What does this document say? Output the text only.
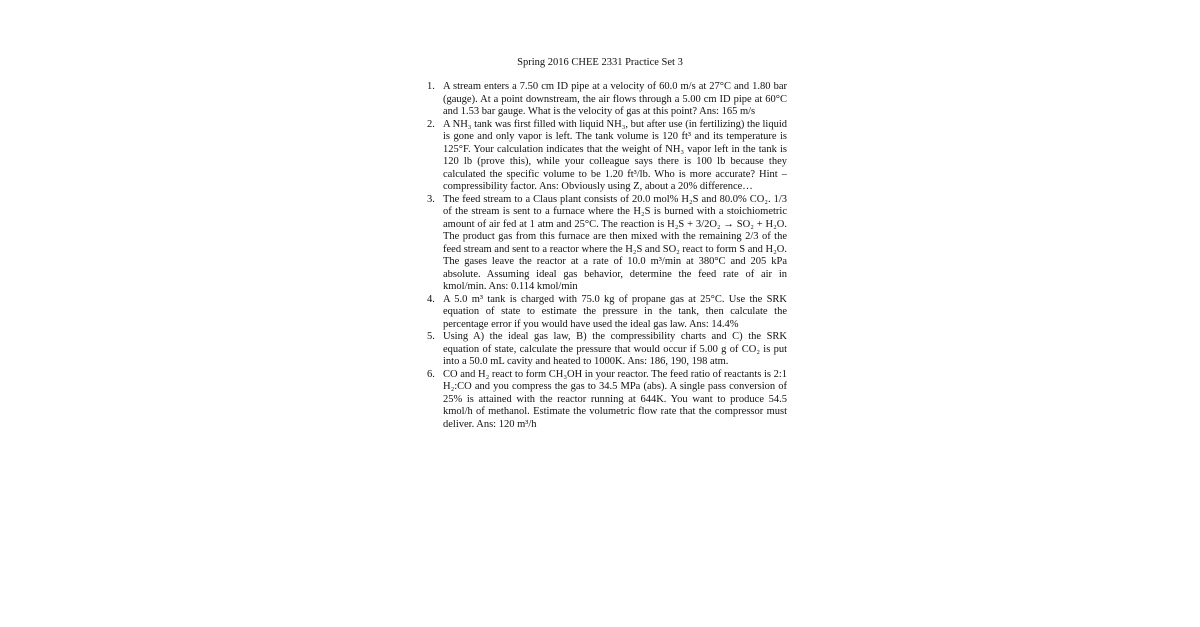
Spring 2016 CHEE 2331 Practice Set 3
1. A stream enters a 7.50 cm ID pipe at a velocity of 60.0 m/s at 27°C and 1.80 bar (gauge). At a point downstream, the air flows through a 5.00 cm ID pipe at 60°C and 1.53 bar gauge. What is the velocity of gas at this point? Ans: 165 m/s
2. A NH₃ tank was first filled with liquid NH₃, but after use (in fertilizing) the liquid is gone and only vapor is left. The tank volume is 120 ft³ and its temperature is 125°F. Your calculation indicates that the weight of NH₃ vapor left in the tank is 120 lb (prove this), while your colleague says there is 100 lb because they calculated the specific volume to be 1.20 ft³/lb. Who is more accurate? Hint – compressibility factor. Ans: Obviously using Z, about a 20% difference…
3. The feed stream to a Claus plant consists of 20.0 mol% H₂S and 80.0% CO₂. 1/3 of the stream is sent to a furnace where the H₂S is burned with a stoichiometric amount of air fed at 1 atm and 25°C. The reaction is H₂S + 3/2O₂ → SO₂ + H₂O. The product gas from this furnace are then mixed with the remaining 2/3 of the feed stream and sent to a reactor where the H₂S and SO₂ react to form S and H₂O. The gases leave the reactor at a rate of 10.0 m³/min at 380°C and 205 kPa absolute. Assuming ideal gas behavior, determine the feed rate of air in kmol/min. Ans: 0.114 kmol/min
4. A 5.0 m³ tank is charged with 75.0 kg of propane gas at 25°C. Use the SRK equation of state to estimate the pressure in the tank, then calculate the percentage error if you would have used the ideal gas law. Ans: 14.4%
5. Using A) the ideal gas law, B) the compressibility charts and C) the SRK equation of state, calculate the pressure that would occur if 5.00 g of CO₂ is put into a 50.0 mL cavity and heated to 1000K. Ans: 186, 190, 198 atm.
6. CO and H₂ react to form CH₃OH in your reactor. The feed ratio of reactants is 2:1 H₂:CO and you compress the gas to 34.5 MPa (abs). A single pass conversion of 25% is attained with the reactor running at 644K. You want to produce 54.5 kmol/h of methanol. Estimate the volumetric flow rate that the compressor must deliver. Ans: 120 m³/h
